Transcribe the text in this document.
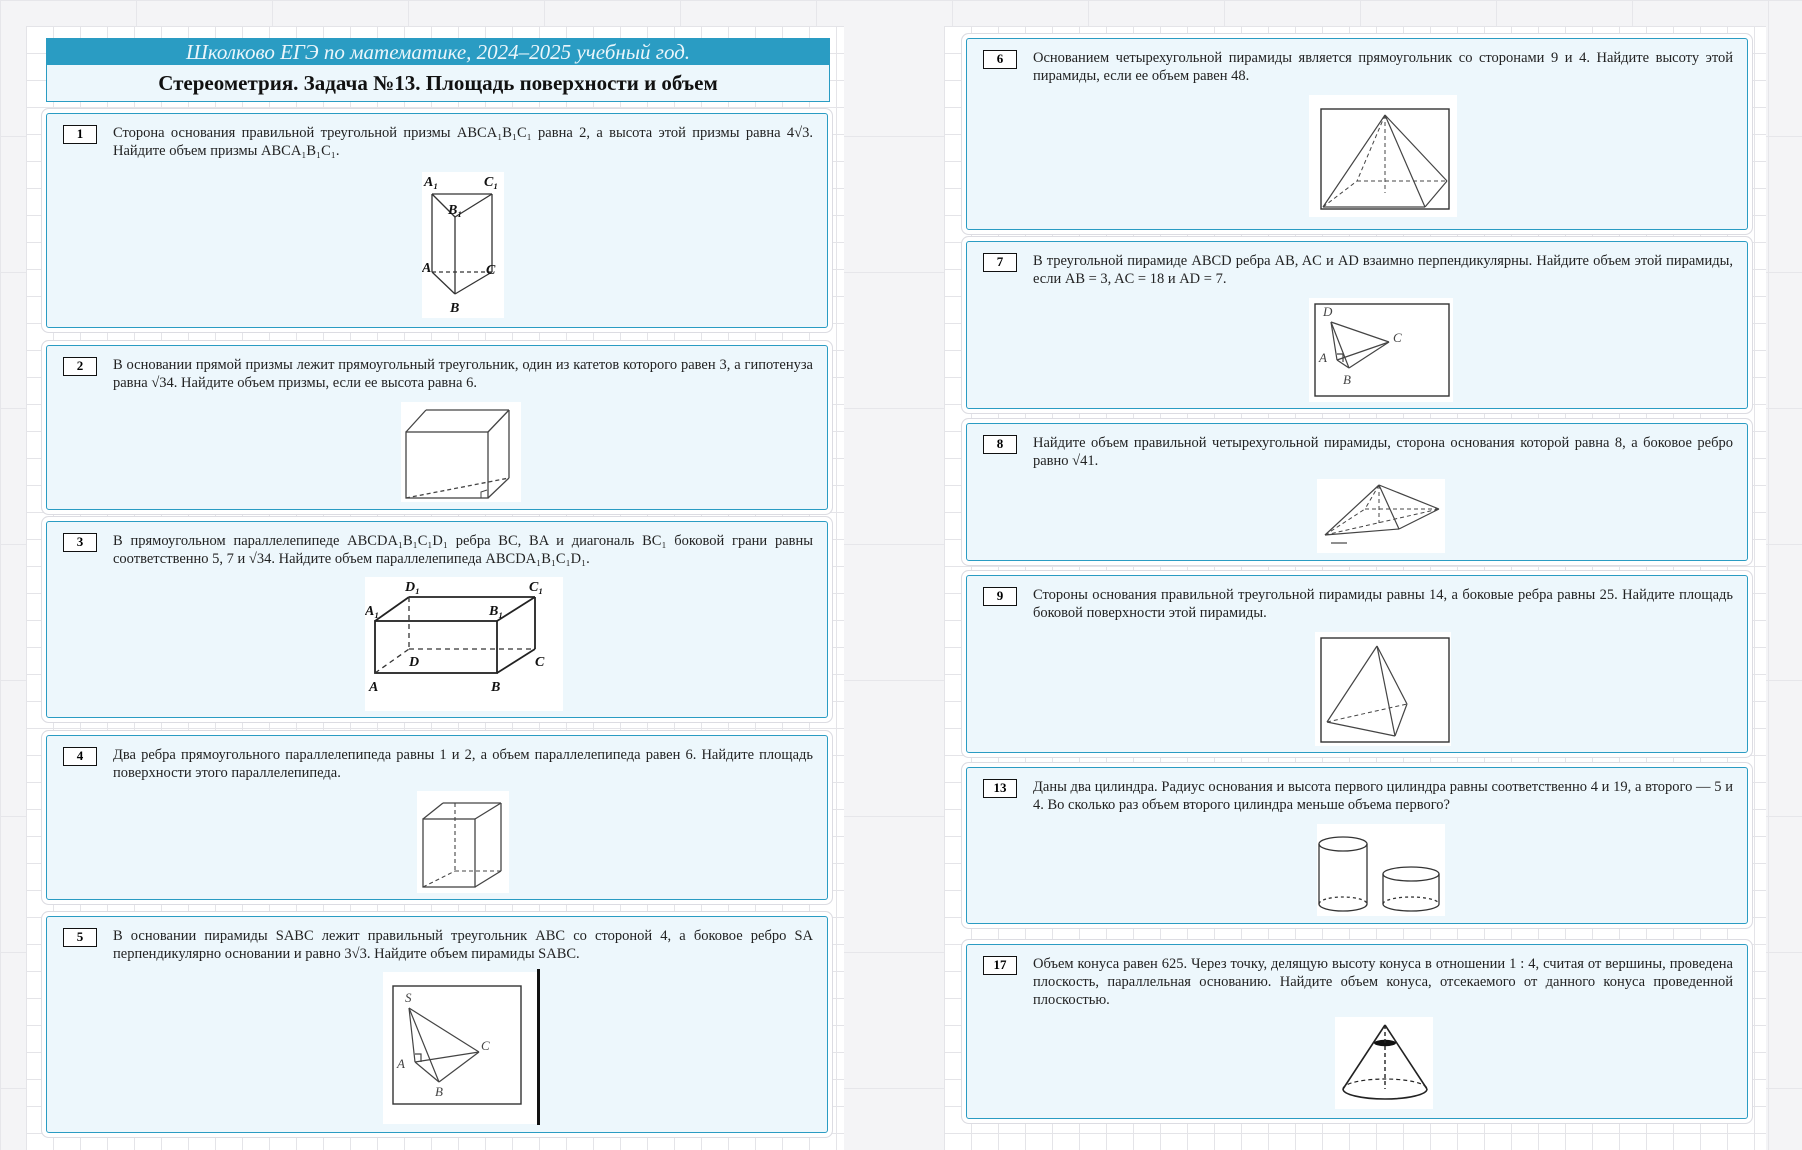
Школково ЕГЭ по математике, 2024–2025 учебный год.
Стереометрия. Задача №13. Площадь поверхности и объем
1	Сторона основания правильной треугольной призмы ABCA₁B₁C₁ равна 2, а высота этой призмы равна 4√3. Найдите объем призмы ABCA₁B₁C₁.
A₁	C₁
B₁
A	C
B
2	В основании прямой призмы лежит прямоугольный треугольник, один из катетов которого равен 3, а гипотенуза равна √34. Найдите объем призмы, если ее высота равна 6.
3	В прямоугольном параллелепипеде ABCDA₁B₁C₁D₁ ребра BC, BA и диагональ BC₁ боковой грани равны соответственно 5, 7 и √34. Найдите объем параллелепипеда ABCDA₁B₁C₁D₁.
D₁	C₁
A₁	B₁
D	C
A	B
4	Два ребра прямоугольного параллелепипеда равны 1 и 2, а объем параллелепипеда равен 6. Найдите площадь поверхности этого параллелепипеда.
5	В основании пирамиды SABC лежит правильный треугольник ABC со стороной 4, а боковое ребро SA перпендикулярно основании и равно 3√3. Найдите объем пирамиды SABC.
S
A
C
B
6	Основанием четырехугольной пирамиды является прямоугольник со сторонами 9 и 4. Найдите высоту этой пирамиды, если ее объем равен 48.
7	В треугольной пирамиде ABCD ребра AB, AC и AD взаимно перпендикулярны. Найдите объем этой пирамиды, если AB = 3, AC = 18 и AD = 7.
D
C
A
B
8	Найдите объем правильной четырехугольной пирамиды, сторона основания которой равна 8, а боковое ребро равно √41.
9	Стороны основания правильной треугольной пирамиды равны 14, а боковые ребра равны 25. Найдите площадь боковой поверхности этой пирамиды.
13	Даны два цилиндра. Радиус основания и высота первого цилиндра равны соответственно 4 и 19, а второго — 5 и 4. Во сколько раз объем второго цилиндра меньше объема первого?
17	Объем конуса равен 625. Через точку, делящую высоту конуса в отношении 1 : 4, считая от вершины, проведена плоскость, параллельная основанию. Найдите объем конуса, отсекаемого от данного конуса проведенной плоскостью.
